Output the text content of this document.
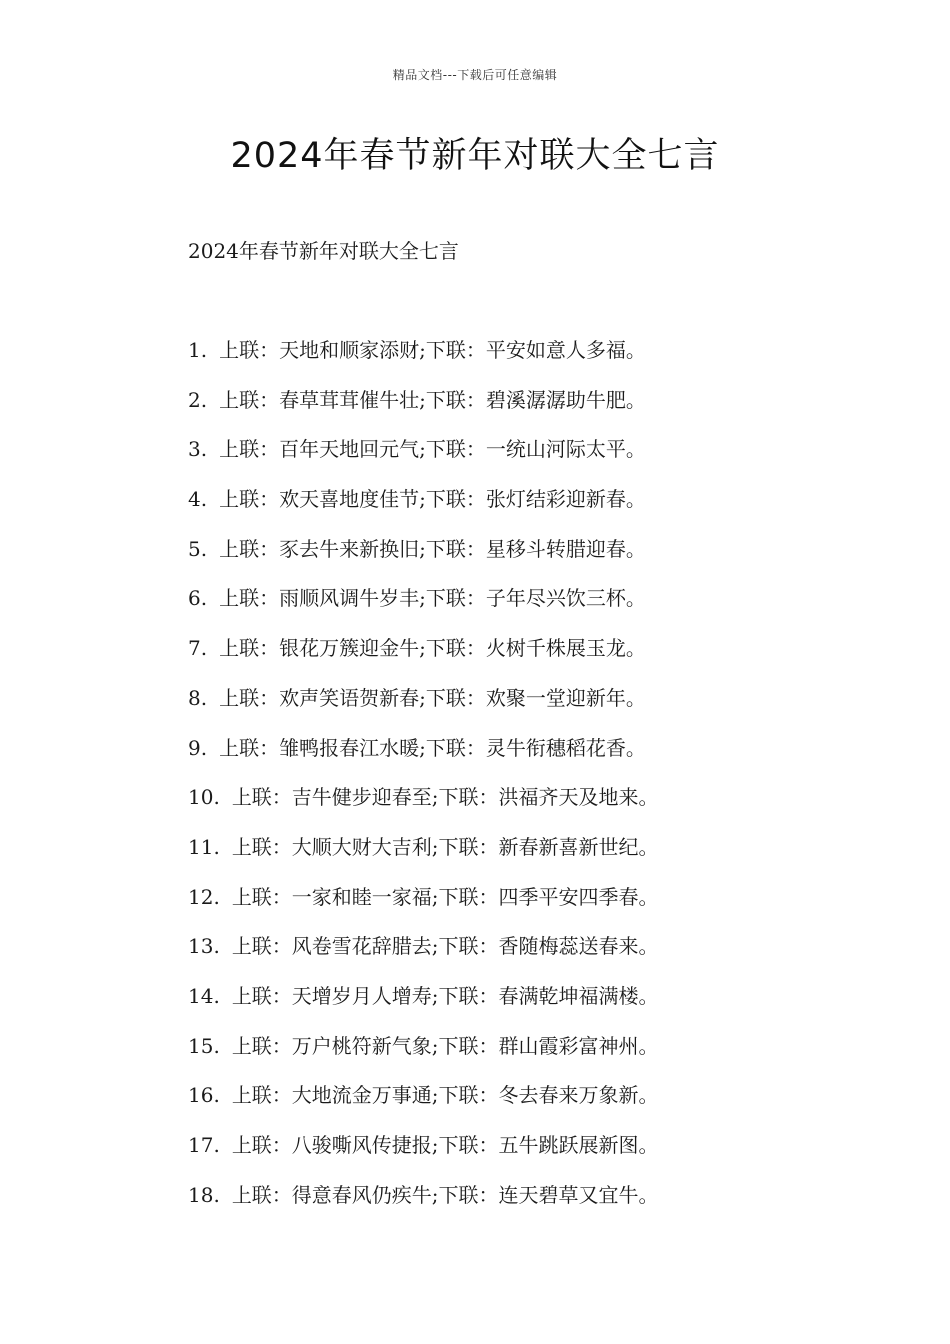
精品文档---下载后可任意编辑
2024年春节新年对联大全七言
2024年春节新年对联大全七言
1. 上联：天地和顺家添财;下联：平安如意人多福。
2. 上联：春草茸茸催牛壮;下联：碧溪潺潺助牛肥。
3. 上联：百年天地回元气;下联：一统山河际太平。
4. 上联：欢天喜地度佳节;下联：张灯结彩迎新春。
5. 上联：豕去牛来新换旧;下联：星移斗转腊迎春。
6. 上联：雨顺风调牛岁丰;下联：子年尽兴饮三杯。
7. 上联：银花万簇迎金牛;下联：火树千株展玉龙。
8. 上联：欢声笑语贺新春;下联：欢聚一堂迎新年。
9. 上联：雏鸭报春江水暖;下联：灵牛衔穗稻花香。
10. 上联：吉牛健步迎春至;下联：洪福齐天及地来。
11. 上联：大顺大财大吉利;下联：新春新喜新世纪。
12. 上联：一家和睦一家福;下联：四季平安四季春。
13. 上联：风卷雪花辞腊去;下联：香随梅蕊送春来。
14. 上联：天增岁月人增寿;下联：春满乾坤福满楼。
15. 上联：万户桃符新气象;下联：群山霞彩富神州。
16. 上联：大地流金万事通;下联：冬去春来万象新。
17. 上联：八骏嘶风传捷报;下联：五牛跳跃展新图。
18. 上联：得意春风仍疾牛;下联：连天碧草又宜牛。
